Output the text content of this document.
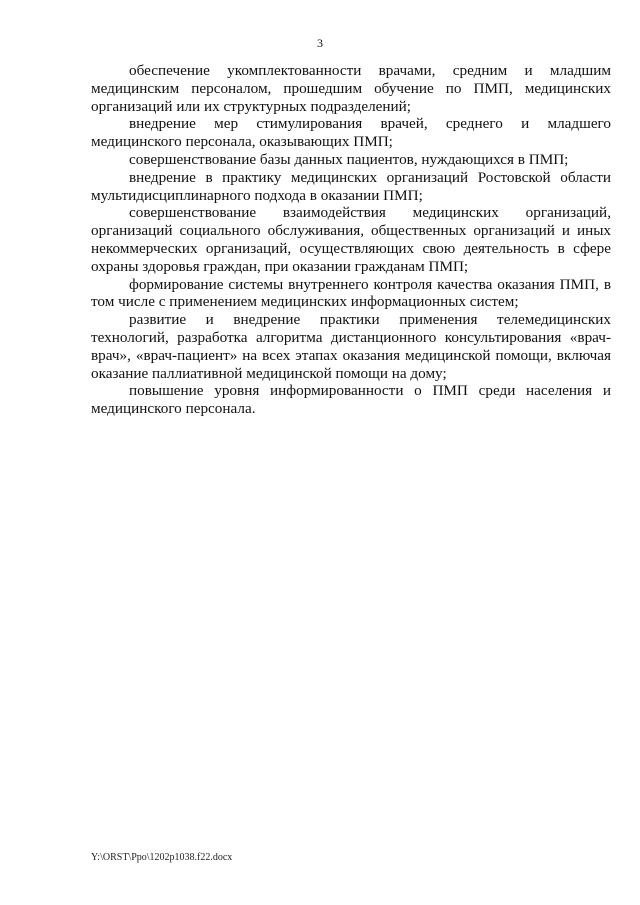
3

обеспечение укомплектованности врачами, средним и младшим медицинским персоналом, прошедшим обучение по ПМП, медицинских организаций или их структурных подразделений;

внедрение мер стимулирования врачей, среднего и младшего медицинского персонала, оказывающих ПМП;

совершенствование базы данных пациентов, нуждающихся в ПМП;

внедрение в практику медицинских организаций Ростовской области мультидисциплинарного подхода в оказании ПМП;

совершенствование взаимодействия медицинских организаций, организаций социального обслуживания, общественных организаций и иных некоммерческих организаций, осуществляющих свою деятельность в сфере охраны здоровья граждан, при оказании гражданам ПМП;

формирование системы внутреннего контроля качества оказания ПМП, в том числе с применением медицинских информационных систем;

развитие и внедрение практики применения телемедицинских технологий, разработка алгоритма дистанционного консультирования «врач-врач», «врач-пациент» на всех этапах оказания медицинской помощи, включая оказание паллиативной медицинской помощи на дому;

повышение уровня информированности о ПМП среди населения и медицинского персонала.

Y:\ORST\Ppo\1202p1038.f22.docx
